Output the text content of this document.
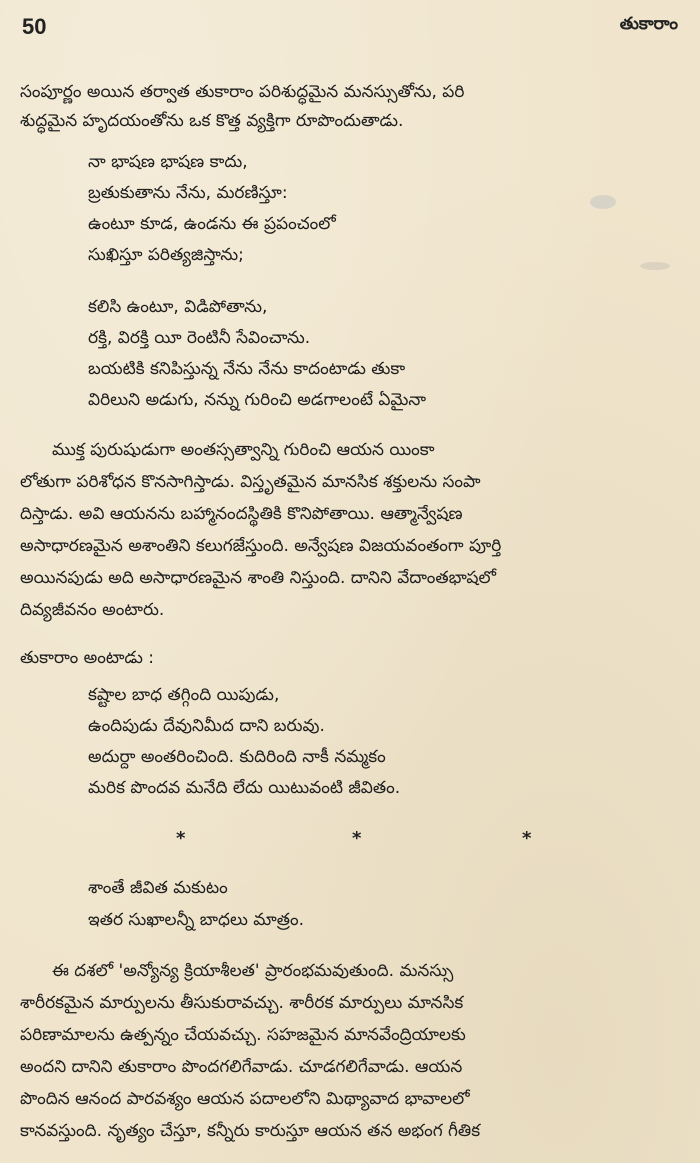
50	తుకారాం
సంపూర్ణం అయిన తర్వాత తుకారాం పరిశుద్ధమైన మనస్సుతోను, పరి
శుద్ధమైన హృదయంతోను ఒక కొత్త వ్యక్తిగా రూపొందుతాడు.
నా భాషణ భాషణ కాదు,
బ్రతుకుతాను నేను, మరణిస్తూ:
ఉంటూ కూడ, ఉండను ఈ ప్రపంచంలో
సుఖిస్తూ పరిత్యజిస్తాను;
కలిసి ఉంటూ, విడిపోతాను,
రక్తి, విరక్తి యీ రెంటినీ సేవించాను.
బయటికి కనిపిస్తున్న నేను నేను కాదంటాడు తుకా
విరిలుని అడుగు, నన్ను గురించి అడగాలంటే ఏమైనా
ముక్త పురుషుడుగా అంతస్సత్వాన్ని గురించి ఆయన యింకా
లోతుగా పరిశోధన కొనసాగిస్తాడు. విస్తృతమైన మానసిక శక్తులను సంపా
దిస్తాడు. అవి ఆయనను బహ్మానందస్థితికి కొనిపోతాయి. ఆత్మాన్వేషణ
అసాధారణమైన అశాంతిని కలుగజేస్తుంది. అన్వేషణ విజయవంతంగా పూర్తి
అయినపుడు అది అసాధారణమైన శాంతి నిస్తుంది. దానిని వేదాంతభాషలో
దివ్యజీవనం అంటారు.
తుకారాం అంటాడు :
కష్టాల బాధ తగ్గింది యిపుడు,
ఉందిపుడు దేవునిమీద దాని బరువు.
అదుర్దా అంతరించింది. కుదిరింది నాకీ నమ్మకం
మరిక పొందవ మనేది లేదు యిటువంటి జీవితం.
*	*	*
శాంతే జీవిత మకుటం
ఇతర సుఖాలన్నీ బాధలు మాత్రం.
ఈ దశలో 'అన్యోన్య క్రియాశీలత' ప్రారంభమవుతుంది. మనస్సు
శారీరకమైన మార్పులను తీసుకురావచ్చు. శారీరక మార్పులు మానసిక
పరిణామాలను ఉత్పన్నం చేయవచ్చు. సహజమైన మానవేంద్రియాలకు
అందని దానిని తుకారాం పొందగలిగేవాడు. చూడగలిగేవాడు. ఆయన
పొందిన ఆనంద పారవశ్యం ఆయన పదాలలోని మిథ్యావాద భావాలలో
కానవస్తుంది. నృత్యం చేస్తూ, కన్నీరు కారుస్తూ ఆయన తన అభంగ గీతిక
